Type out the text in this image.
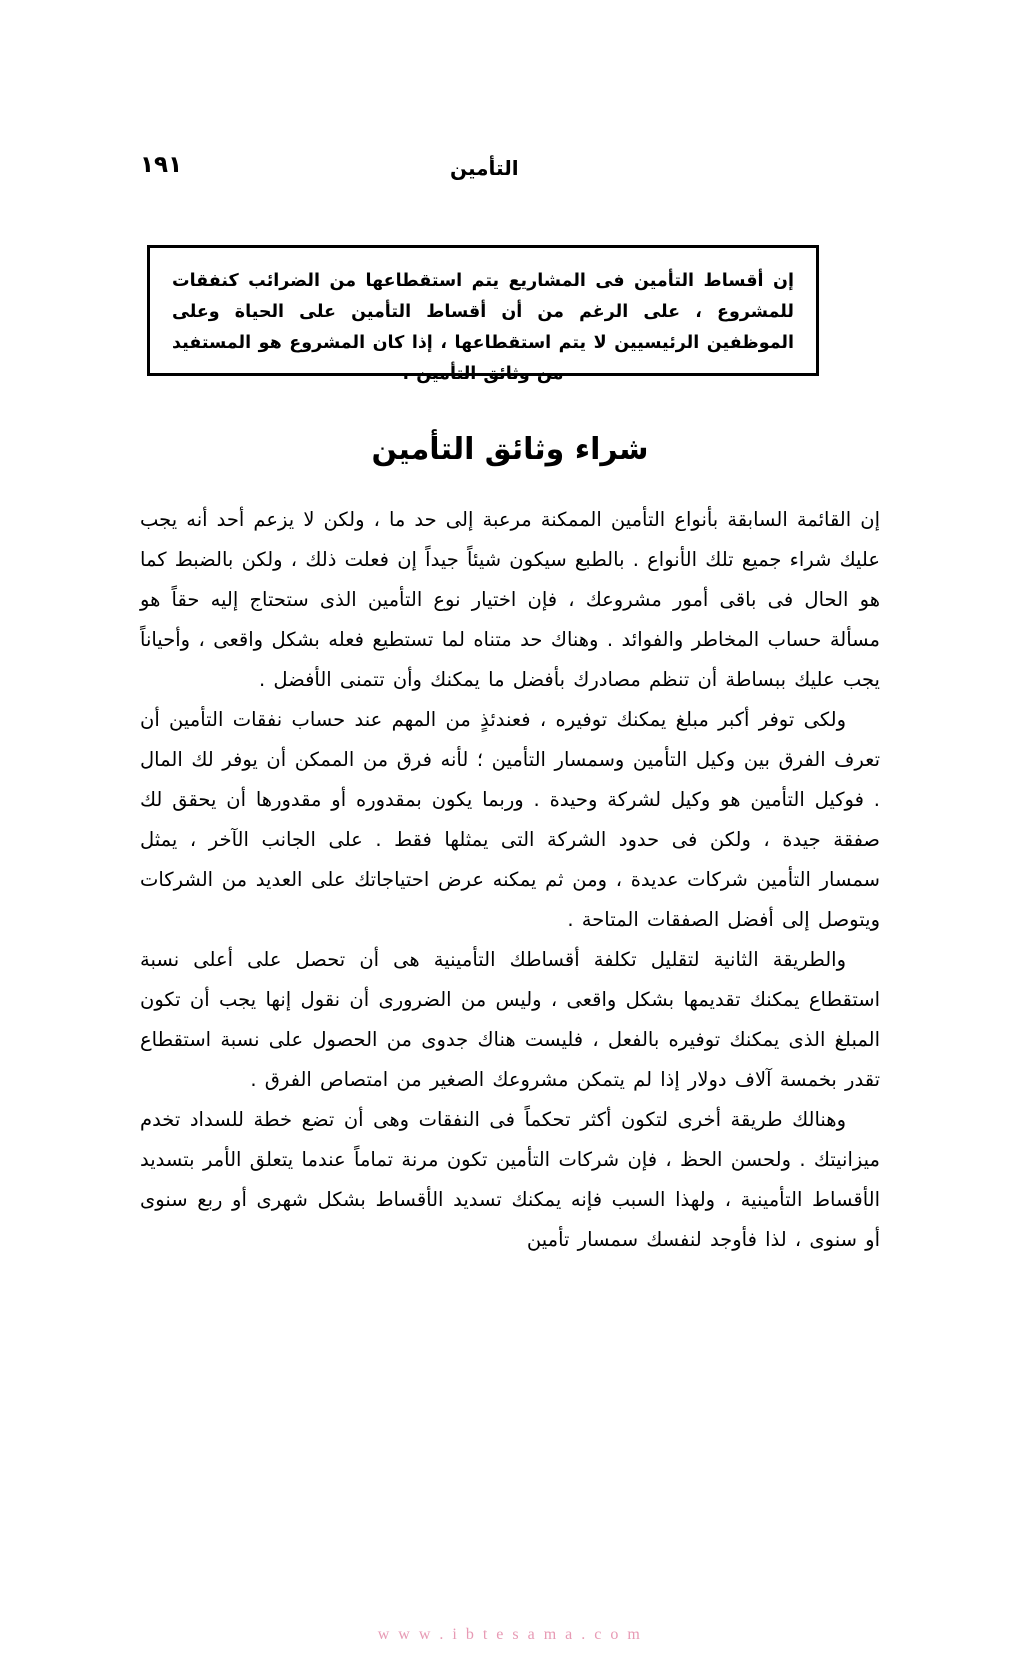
١٩١	التأمين
إن أقساط التأمين فى المشاريع يتم استقطاعها من الضرائب كنفقات للمشروع ، على الرغم من أن أقساط التأمين على الحياة وعلى الموظفين الرئيسيين لا يتم استقطاعها ، إذا كان المشروع هو المستفيد من وثائق التأمين .
شراء وثائق التأمين

إن القائمة السابقة بأنواع التأمين الممكنة مرعبة إلى حد ما ، ولكن لا يزعم أحد أنه يجب عليك شراء جميع تلك الأنواع . بالطبع سيكون شيئاً جيداً إن فعلت ذلك ، ولكن بالضبط كما هو الحال فى باقى أمور مشروعك ، فإن اختيار نوع التأمين الذى ستحتاج إليه حقاً هو مسألة حساب المخاطر والفوائد . وهناك حد متناه لما تستطيع فعله بشكل واقعى ، وأحياناً يجب عليك ببساطة أن تنظم مصادرك بأفضل ما يمكنك وأن تتمنى الأفضل .

ولكى توفر أكبر مبلغ يمكنك توفيره ، فعندئذٍ من المهم عند حساب نفقات التأمين أن تعرف الفرق بين وكيل التأمين وسمسار التأمين ؛ لأنه فرق من الممكن أن يوفر لك المال . فوكيل التأمين هو وكيل لشركة وحيدة . وربما يكون بمقدوره أو مقدورها أن يحقق لك صفقة جيدة ، ولكن فى حدود الشركة التى يمثلها فقط . على الجانب الآخر ، يمثل سمسار التأمين شركات عديدة ، ومن ثم يمكنه عرض احتياجاتك على العديد من الشركات ويتوصل إلى أفضل الصفقات المتاحة .

والطريقة الثانية لتقليل تكلفة أقساطك التأمينية هى أن تحصل على أعلى نسبة استقطاع يمكنك تقديمها بشكل واقعى ، وليس من الضرورى أن نقول إنها يجب أن تكون المبلغ الذى يمكنك توفيره بالفعل ، فليست هناك جدوى من الحصول على نسبة استقطاع تقدر بخمسة آلاف دولار إذا لم يتمكن مشروعك الصغير من امتصاص الفرق .

وهنالك طريقة أخرى لتكون أكثر تحكماً فى النفقات وهى أن تضع خطة للسداد تخدم ميزانيتك . ولحسن الحظ ، فإن شركات التأمين تكون مرنة تماماً عندما يتعلق الأمر بتسديد الأقساط التأمينية ، ولهذا السبب فإنه يمكنك تسديد الأقساط بشكل شهرى أو ربع سنوى أو سنوى ، لذا فأوجد لنفسك سمسار تأمين

w w w . i b t e s a m a . c o m
